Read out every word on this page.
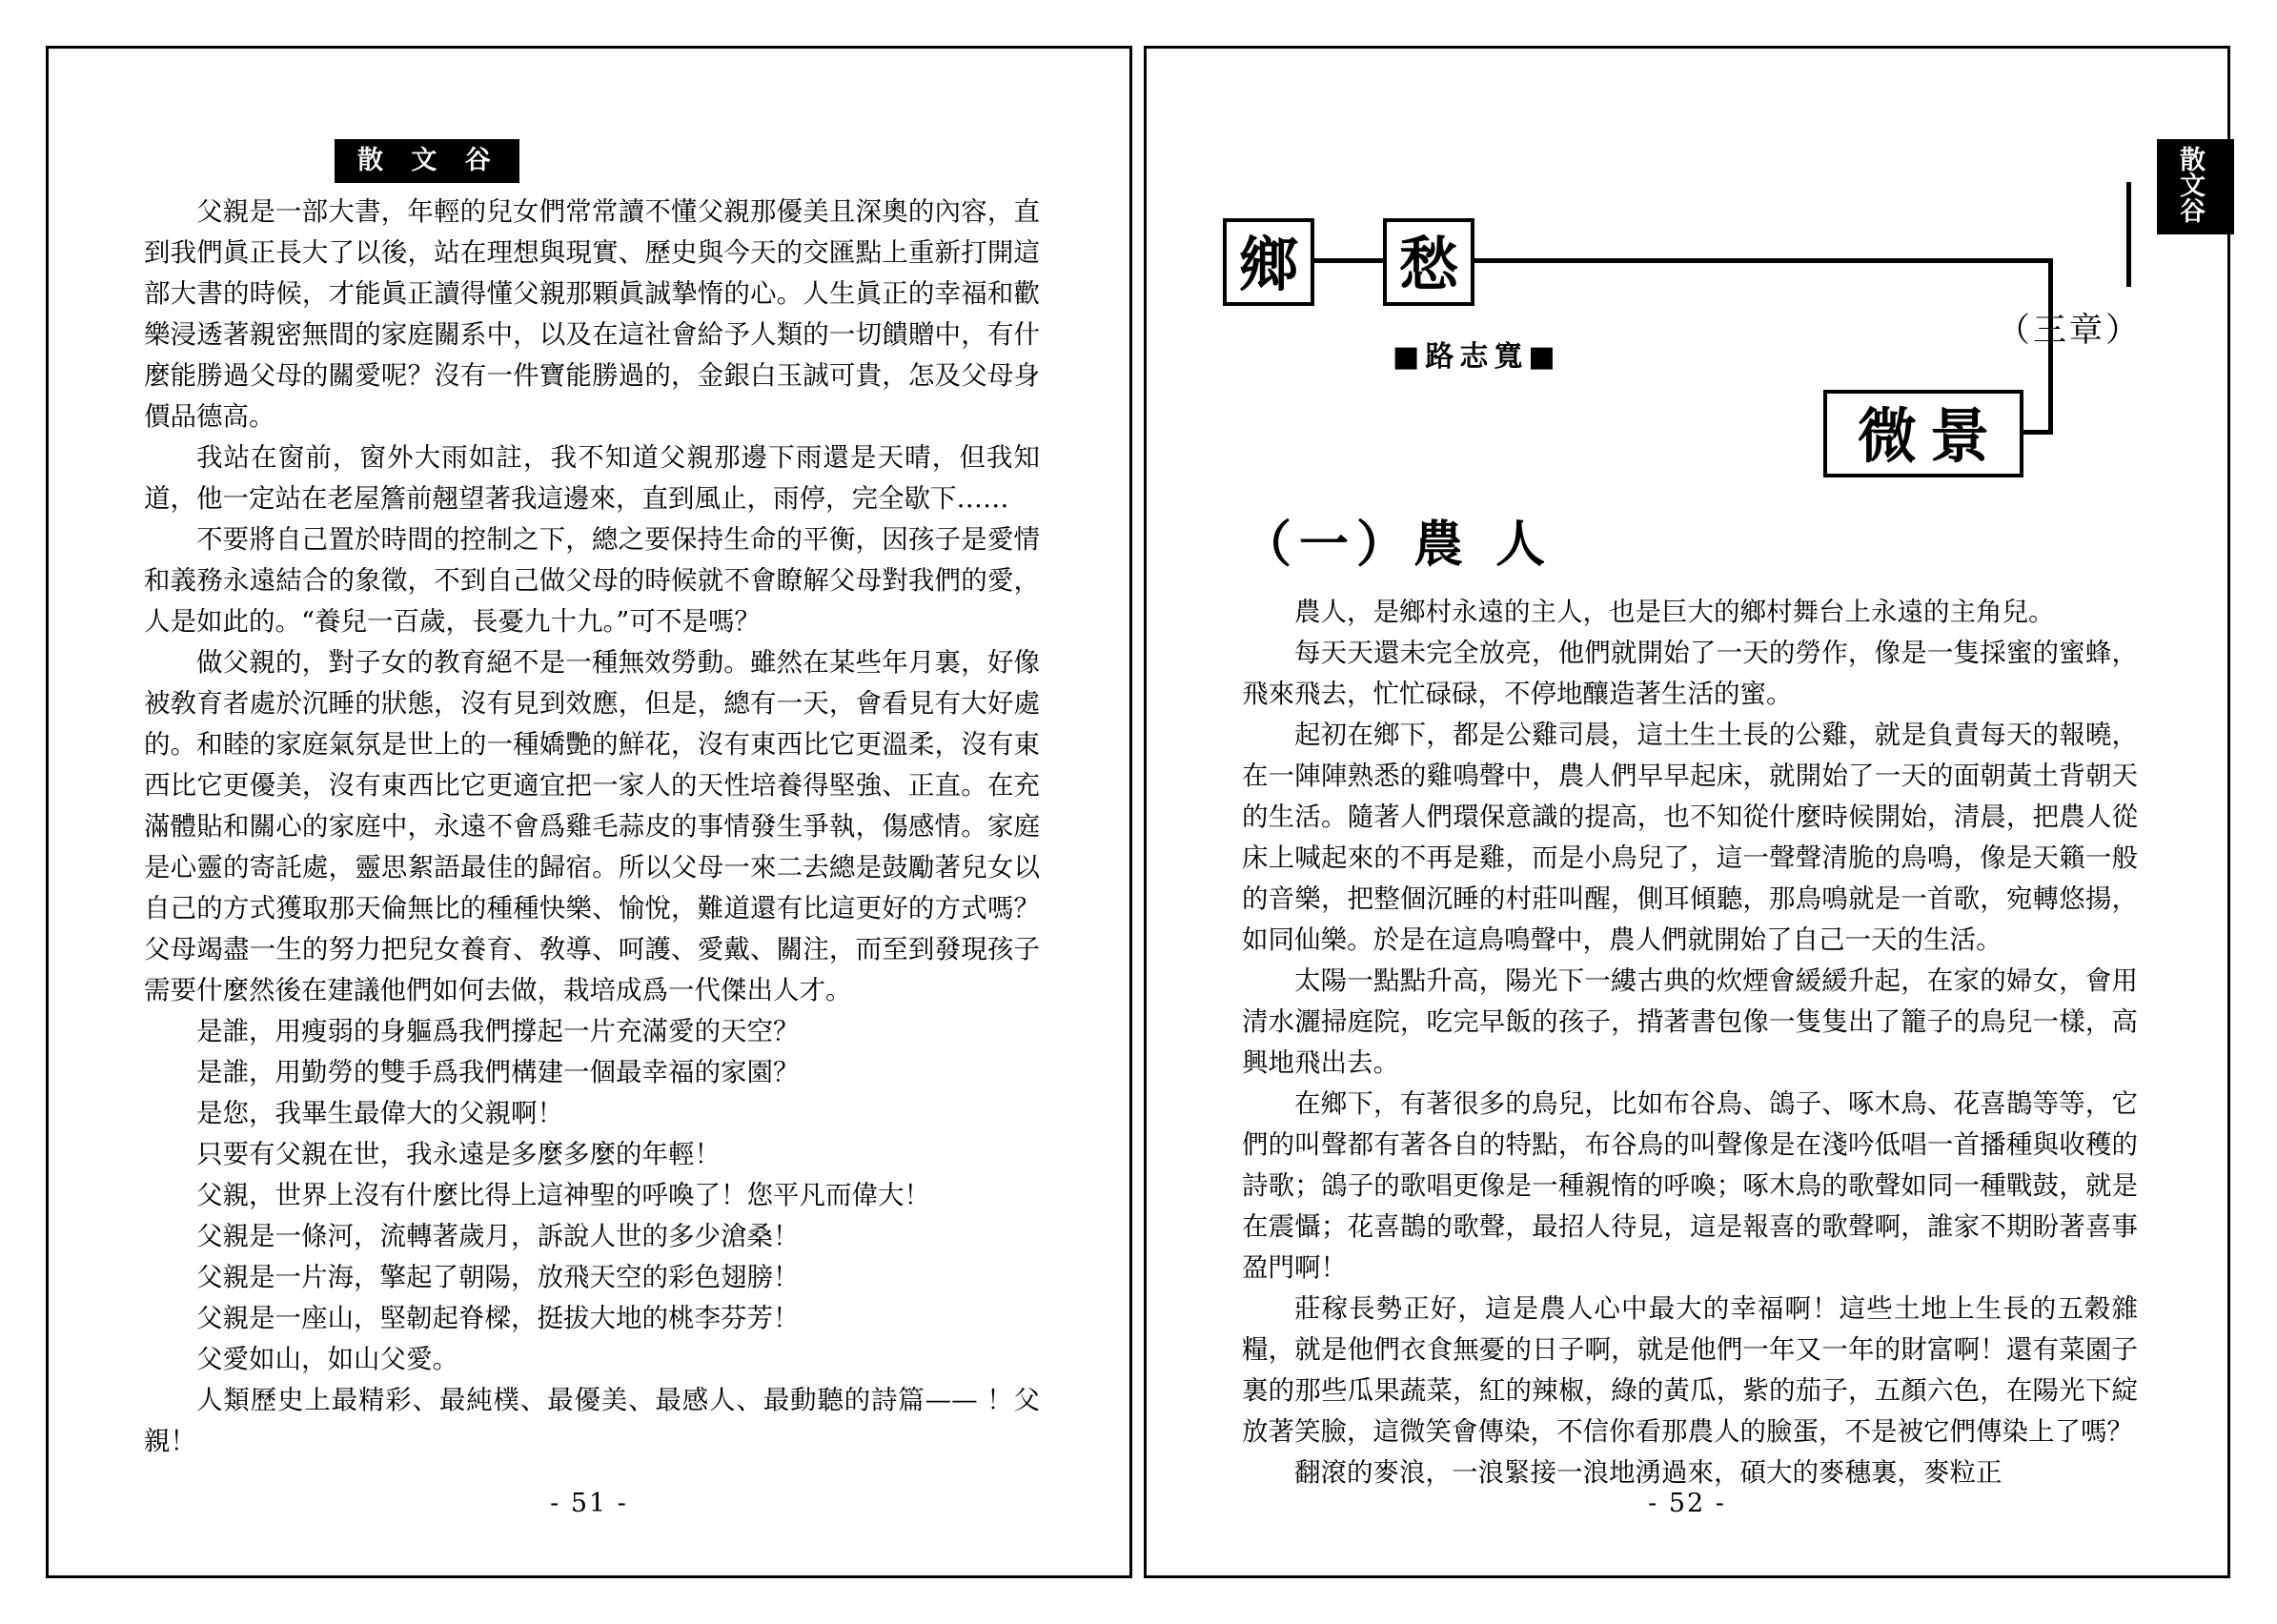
散 文 谷

父親是一部大書，年輕的兒女們常常讀不懂父親那優美且深奧的內容，直到我們眞正長大了以後，站在理想與現實、歷史與今天的交匯點上重新打開這部大書的時候，才能眞正讀得懂父親那顆眞誠摯惰的心。人生眞正的幸福和歡樂浸透著親密無間的家庭關系中，以及在這社會給予人類的一切饋贈中，有什麼能勝過父母的關愛呢？沒有一件寶能勝過的，金銀白玉誠可貴，怎及父母身價品德高。

我站在窗前，窗外大雨如註，我不知道父親那邊下雨還是天晴，但我知道，他一定站在老屋簷前翹望著我這邊來，直到風止，雨停，完全歇下……

不要將自己置於時間的控制之下，總之要保持生命的平衡，因孩子是愛情和義務永遠結合的象徵，不到自己做父母的時候就不會瞭解父母對我們的愛，人是如此的。“養兒一百歲，長憂九十九。”可不是嗎？

做父親的，對子女的教育絕不是一種無效勞動。雖然在某些年月裏，好像被敎育者處於沉睡的狀態，沒有見到效應，但是，總有一天，會看見有大好處的。和睦的家庭氣氛是世上的一種嬌艷的鮮花，沒有東西比它更溫柔，沒有東西比它更優美，沒有東西比它更適宜把一家人的天性培養得堅強、正直。在充滿體貼和關心的家庭中，永遠不會爲雞毛蒜皮的事情發生爭執，傷感情。家庭是心靈的寄託處，靈思絮語最佳的歸宿。所以父母一來二去總是鼓勵著兒女以自己的方式獲取那天倫無比的種種快樂、愉悅，難道還有比這更好的方式嗎？父母竭盡一生的努力把兒女養育、敎導、呵護、愛戴、關注，而至到發現孩子需要什麼然後在建議他們如何去做，栽培成爲一代傑出人才。

是誰，用瘦弱的身軀爲我們撐起一片充滿愛的天空？

是誰，用勤勞的雙手爲我們構建一個最幸福的家園？

是您，我畢生最偉大的父親啊！

只要有父親在世，我永遠是多麼多麼的年輕！

父親，世界上沒有什麼比得上這神聖的呼喚了！您平凡而偉大！

父親是一條河，流轉著歲月，訴說人世的多少滄桑！

父親是一片海，擎起了朝陽，放飛天空的彩色翅膀！

父親是一座山，堅韌起脊樑，挺拔大地的桃李芬芳！

父愛如山，如山父愛。

人類歷史上最精彩、最純樸、最優美、最感人、最動聽的詩篇—— ！父親！

- 51 -
散 文 谷
鄉 愁
微景
■路志寬■
（三章）
（一）農 人

農人，是鄉村永遠的主人，也是巨大的鄉村舞台上永遠的主角兒。

每天天還未完全放亮，他們就開始了一天的勞作，像是一隻採蜜的蜜蜂，飛來飛去，忙忙碌碌，不停地釀造著生活的蜜。

起初在鄉下，都是公雞司晨，這土生土長的公雞，就是負責每天的報曉，在一陣陣熟悉的雞鳴聲中，農人們早早起床，就開始了一天的面朝黃土背朝天的生活。隨著人們環保意識的提高，也不知從什麼時候開始，清晨，把農人從床上喊起來的不再是雞，而是小鳥兒了，這一聲聲清脆的鳥鳴，像是天籟一般的音樂，把整個沉睡的村莊叫醒，側耳傾聽，那鳥鳴就是一首歌，宛轉悠揚，如同仙樂。於是在這鳥鳴聲中，農人們就開始了自己一天的生活。

太陽一點點升高，陽光下一縷古典的炊煙會緩緩升起，在家的婦女，會用清水灑掃庭院，吃完早飯的孩子，揹著書包像一隻隻出了籠子的鳥兒一樣，高興地飛出去。

在鄉下，有著很多的鳥兒，比如布谷鳥、鴿子、啄木鳥、花喜鵲等等，它們的叫聲都有著各自的特點，布谷鳥的叫聲像是在淺吟低唱一首播種與收穫的詩歌；鴿子的歌唱更像是一種親惰的呼喚；啄木鳥的歌聲如同一種戰鼓，就是在震懾；花喜鵲的歌聲，最招人待見，這是報喜的歌聲啊，誰家不期盼著喜事盈門啊！

莊稼長勢正好，這是農人心中最大的幸福啊！這些土地上生長的五穀雜糧，就是他們衣食無憂的日子啊，就是他們一年又一年的財富啊！還有菜園子裏的那些瓜果蔬菜，紅的辣椒，綠的黃瓜，紫的茄子，五顏六色，在陽光下綻放著笑臉，這微笑會傳染，不信你看那農人的臉蛋，不是被它們傳染上了嗎？

翻滾的麥浪，一浪緊接一浪地湧過來，碩大的麥穗裏，麥粒正

- 52 -
